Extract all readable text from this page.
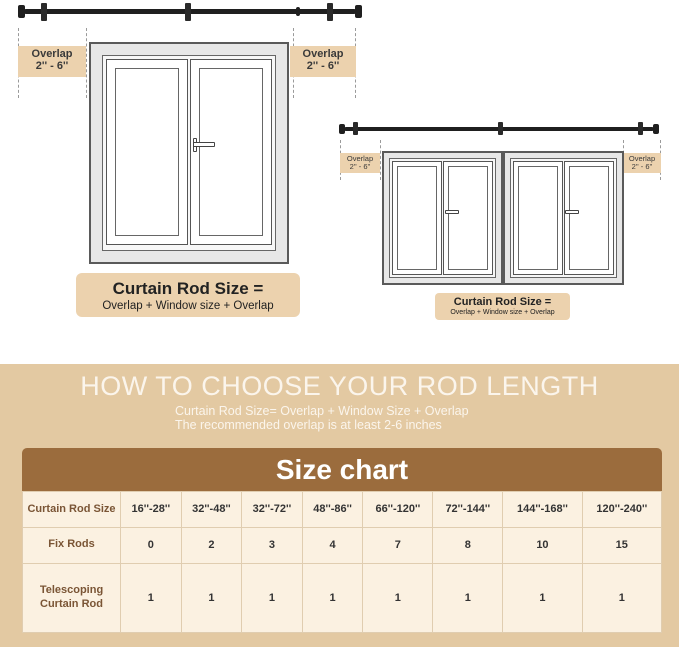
Overlap
2'' - 6''
Overlap
2'' - 6''
Curtain Rod Size =
Overlap + Window size + Overlap
Overlap
2'' - 6''
Overlap
2'' - 6''
Curtain Rod Size =
Overlap + Window size + Overlap
HOW TO CHOOSE YOUR ROD LENGTH
Curtain Rod Size= Overlap + Window Size + Overlap
The recommended overlap is at least 2-6 inches
Size chart
Curtain Rod Size	16''-28''	32''-48''	32''-72''	48''-86''	66''-120''	72''-144''	144''-168''	120''-240''
Fix Rods	0	2	3	4	7	8	10	15
Telescoping Curtain Rod	1	1	1	1	1	1	1	1
